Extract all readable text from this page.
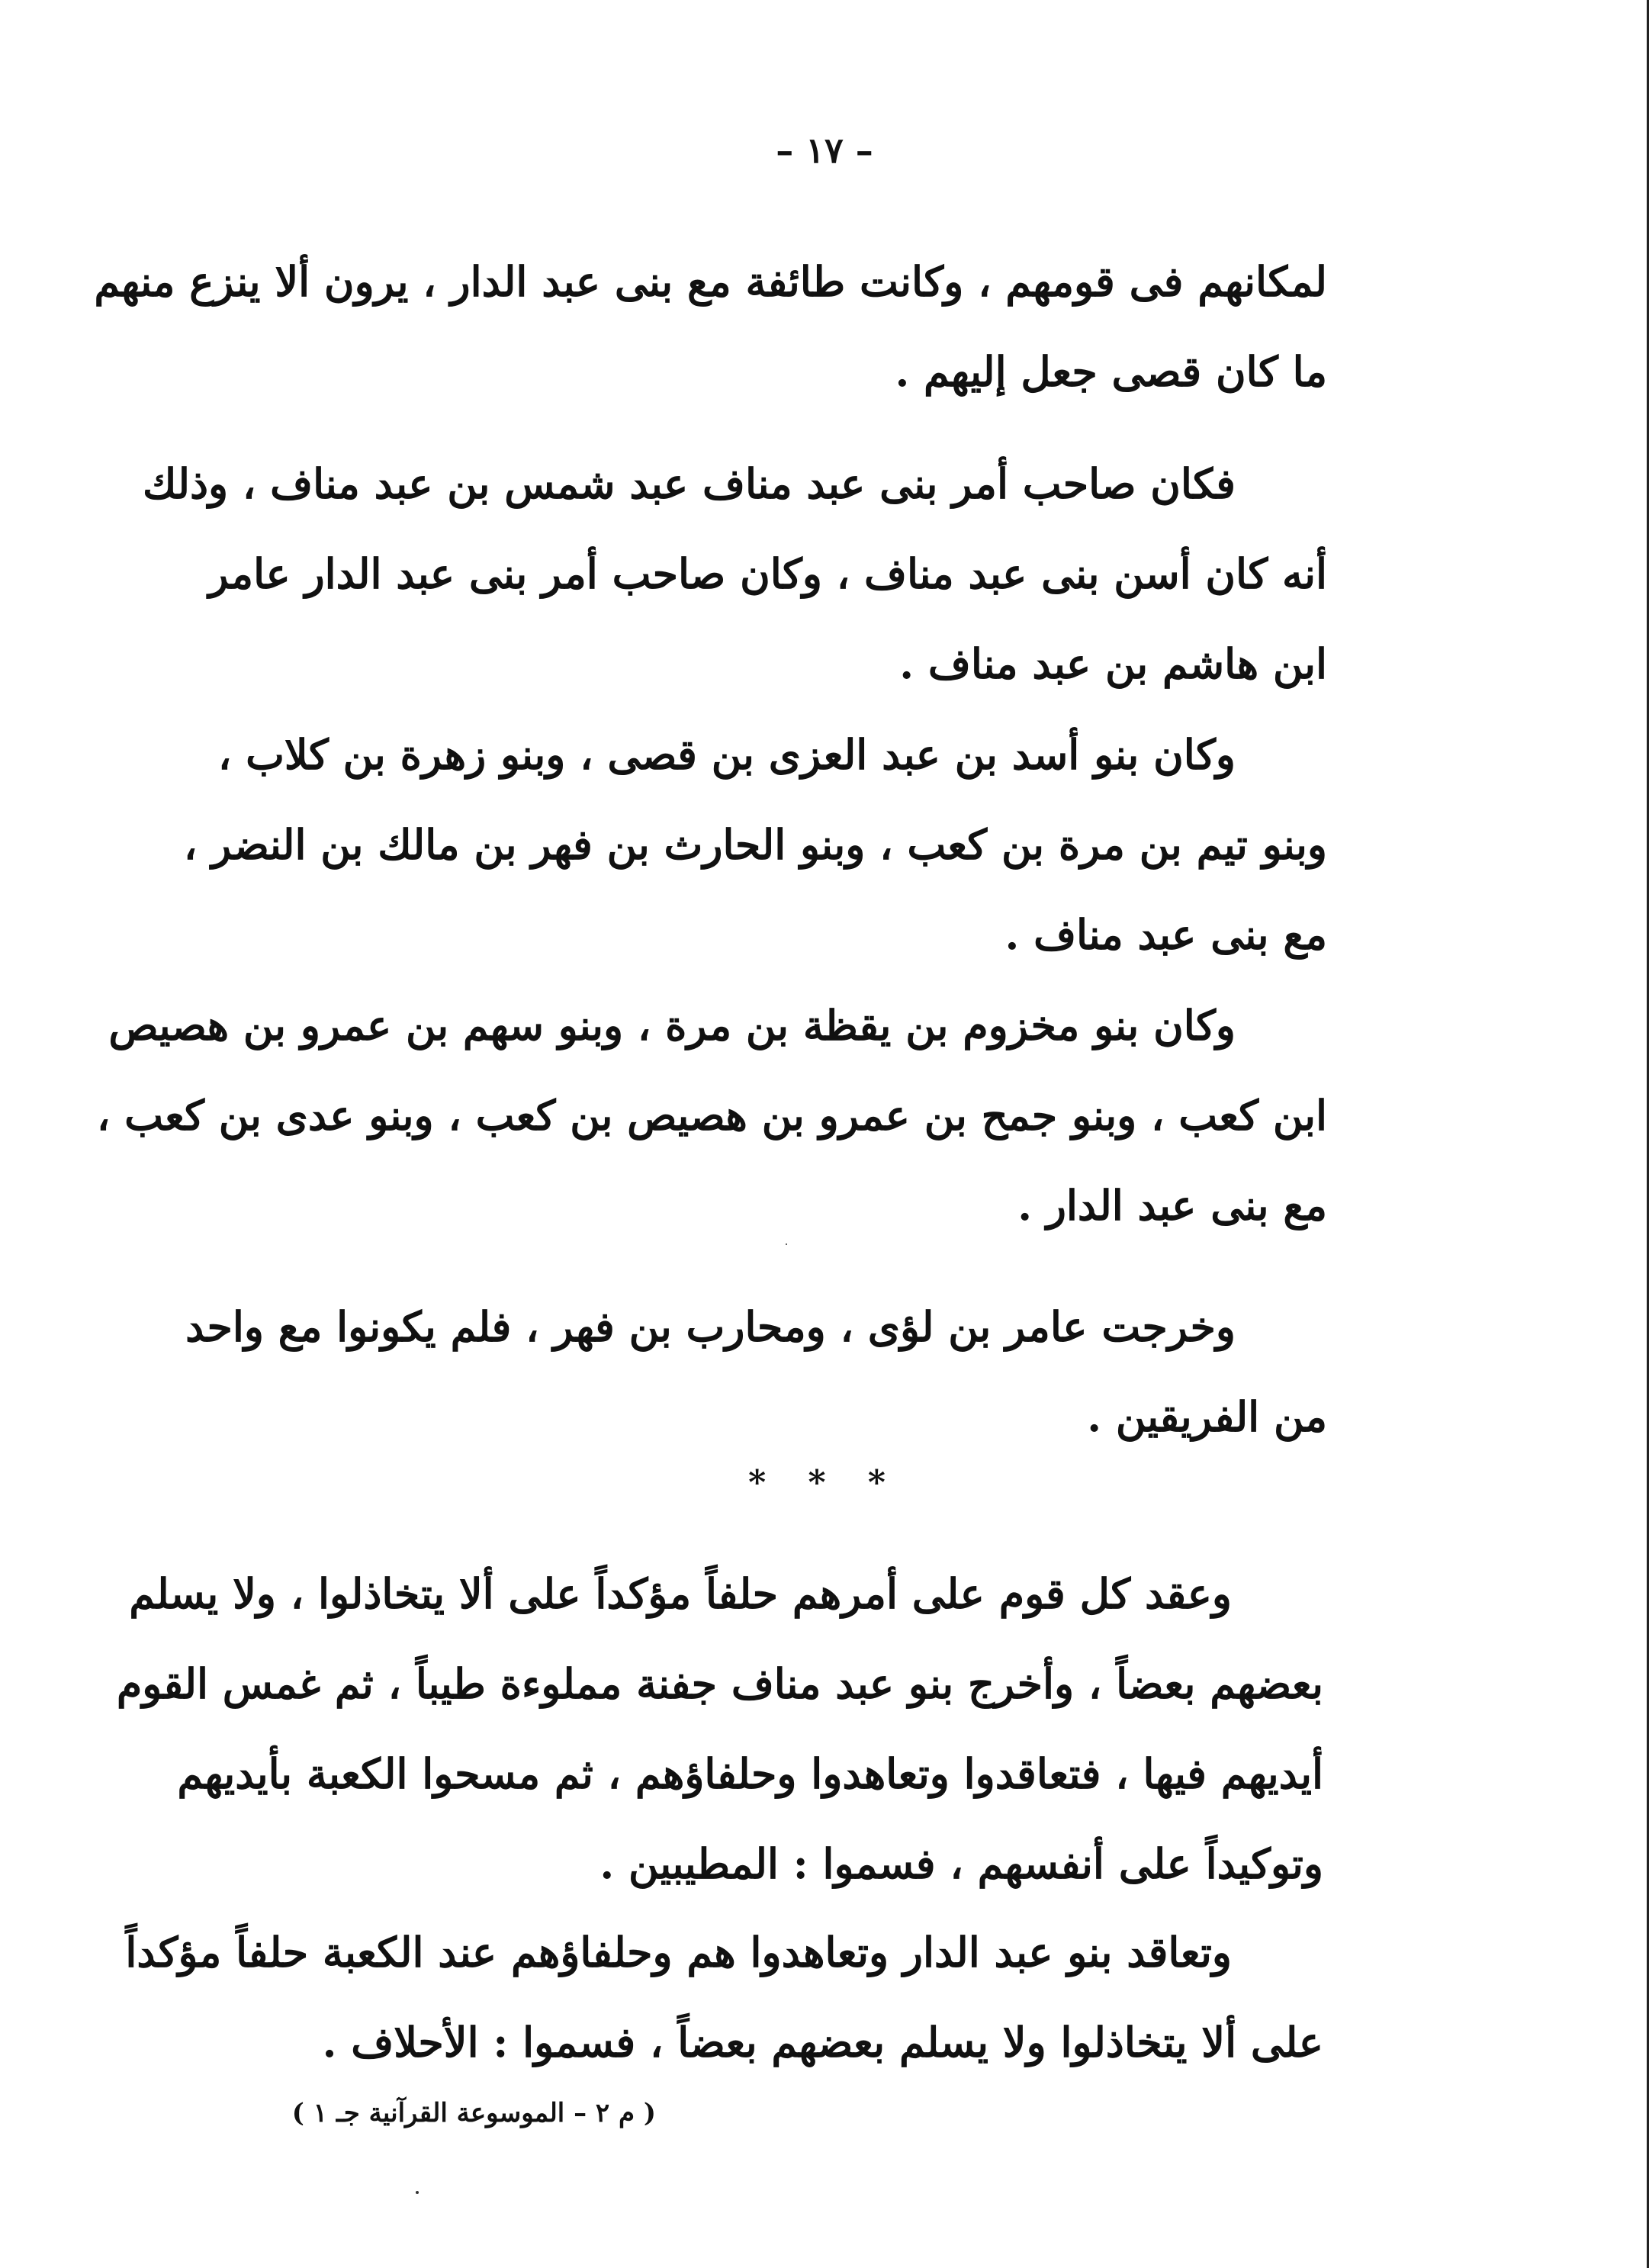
– ١٧ –
لمكانهم فى قومهم ، وكانت طائفة مع بنى عبد الدار ، يرون ألا ينزع منهم
ما كان قصى جعل إليهم .
فكان صاحب أمر بنى عبد مناف عبد شمس بن عبد مناف ، وذلك
أنه كان أسن بنى عبد مناف ، وكان صاحب أمر بنى عبد الدار عامر
ابن هاشم بن عبد مناف .
وكان بنو أسد بن عبد العزى بن قصى ، وبنو زهرة بن كلاب ،
وبنو تيم بن مرة بن كعب ، وبنو الحارث بن فهر بن مالك بن النضر ،
مع بنى عبد مناف .
وكان بنو مخزوم بن يقظة بن مرة ، وبنو سهم بن عمرو بن هصيص
ابن كعب ، وبنو جمح بن عمرو بن هصيص بن كعب ، وبنو عدى بن كعب ،
مع بنى عبد الدار .
وخرجت عامر بن لؤى ، ومحارب بن فهر ، فلم يكونوا مع واحد
من الفريقين .
* * *
وعقد كل قوم على أمرهم حلفاً مؤكداً على ألا يتخاذلوا ، ولا يسلم
بعضهم بعضاً ، وأخرج بنو عبد مناف جفنة مملوءة طيباً ، ثم غمس القوم
أيديهم فيها ، فتعاقدوا وتعاهدوا وحلفاؤهم ، ثم مسحوا الكعبة بأيديهم
وتوكيداً على أنفسهم ، فسموا : المطيبين .
وتعاقد بنو عبد الدار وتعاهدوا هم وحلفاؤهم عند الكعبة حلفاً مؤكداً
على ألا يتخاذلوا ولا يسلم بعضهم بعضاً ، فسموا : الأحلاف .
( م ٢ – الموسوعة القرآنية جـ ١ )
